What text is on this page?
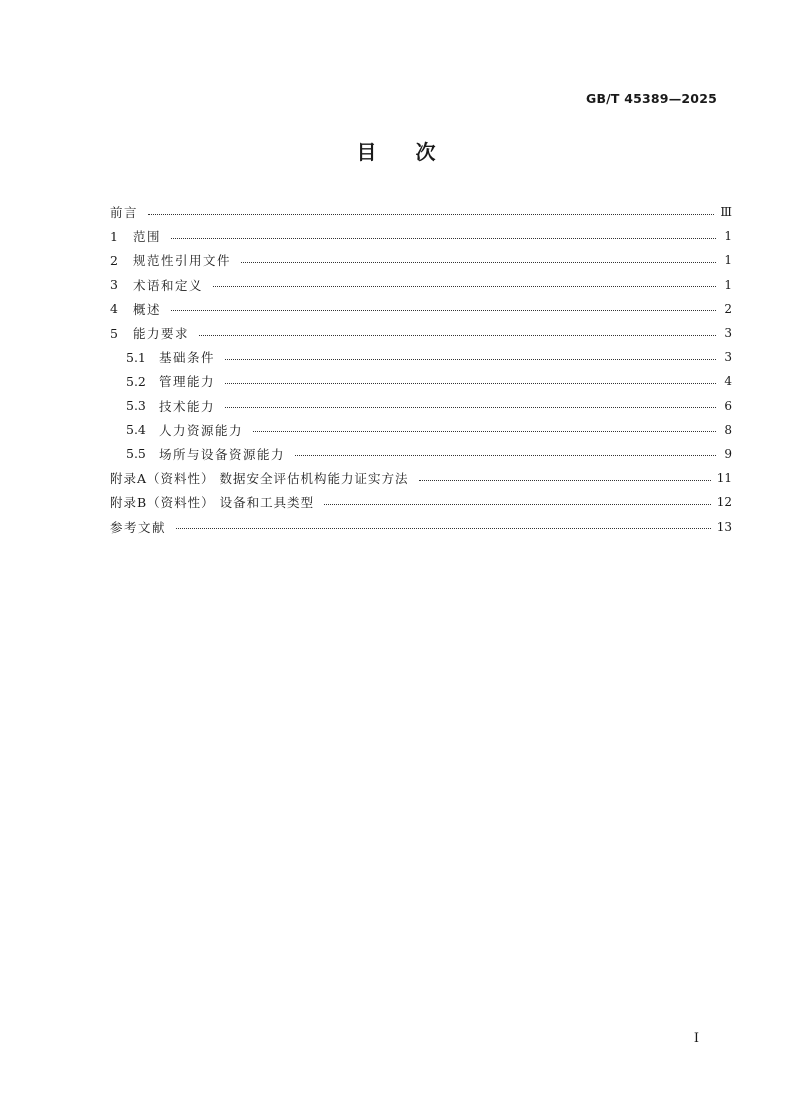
GB/T 45389—2025
目 次
前言	Ⅲ
1	范围	1
2	规范性引用文件	1
3	术语和定义	1
4	概述	2
5	能力要求	3
5.1	基础条件	3
5.2	管理能力	4
5.3	技术能力	6
5.4	人力资源能力	8
5.5	场所与设备资源能力	9
附录A（资料性） 数据安全评估机构能力证实方法	11
附录B（资料性） 设备和工具类型	12
参考文献	13
I
